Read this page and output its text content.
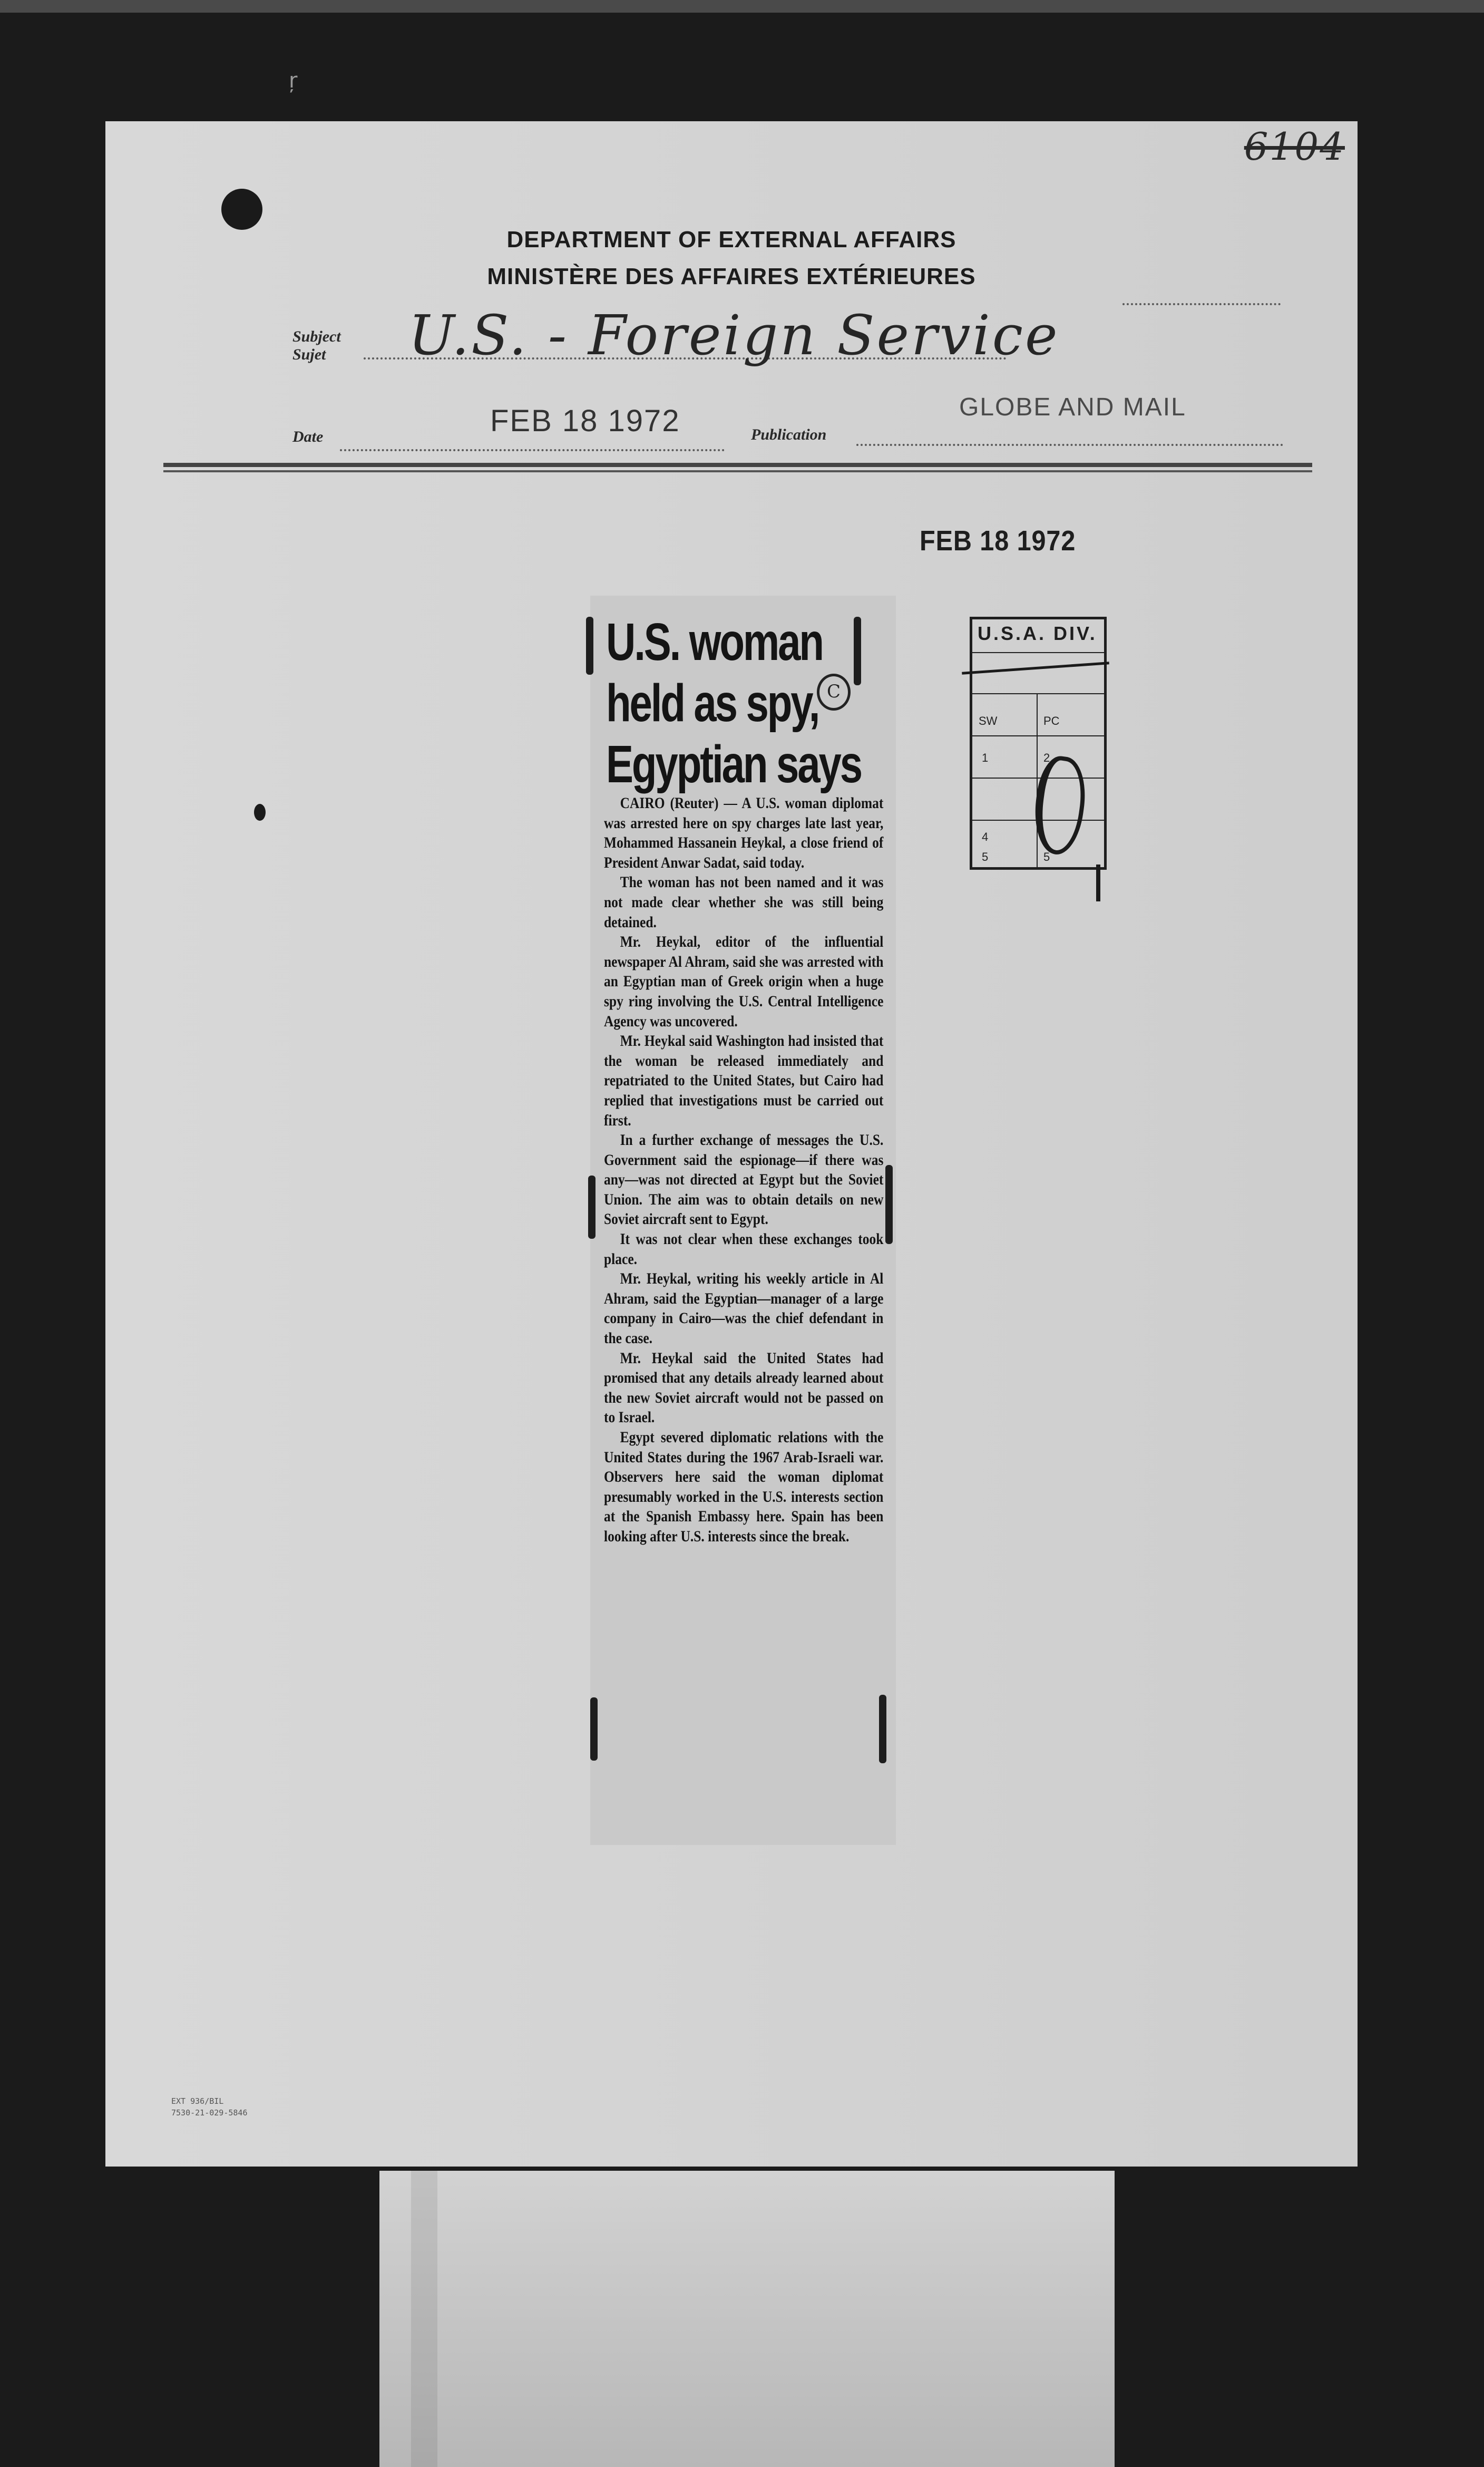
ŗ
6104
DEPARTMENT OF EXTERNAL AFFAIRS
MINISTÈRE DES AFFAIRES EXTÉRIEURES
Subject
Sujet U.S. - Foreign Service
Date	FEB 18 1972	Publication
GLOBE AND MAIL
FEB 18 1972
U.S.A. DIV.
SW	PC
1	2
4
5	5
U.S. woman
held as spy,
Egyptian says
C

CAIRO (Reuter) — A U.S. woman diplomat was arrested here on spy charges late last year, Mohammed Hassanein Heykal, a close friend of President Anwar Sadat, said today.

The woman has not been named and it was not made clear whether she was still being detained.

Mr. Heykal, editor of the influential newspaper Al Ahram, said she was arrested with an Egyptian man of Greek origin when a huge spy ring involving the U.S. Central Intelligence Agency was uncovered.

Mr. Heykal said Washington had insisted that the woman be released immediately and repatriated to the United States, but Cairo had replied that investigations must be carried out first.

In a further exchange of messages the U.S. Government said the espionage—if there was any—was not directed at Egypt but the Soviet Union. The aim was to obtain details on new Soviet aircraft sent to Egypt.

It was not clear when these exchanges took place.

Mr. Heykal, writing his weekly article in Al Ahram, said the Egyptian—manager of a large company in Cairo—was the chief defendant in the case.

Mr. Heykal said the United States had promised that any details already learned about the new Soviet aircraft would not be passed on to Israel.

Egypt severed diplomatic relations with the United States during the 1967 Arab-Israeli war. Observers here said the woman diplomat presumably worked in the U.S. interests section at the Spanish Embassy here. Spain has been looking after U.S. interests since the break.

EXT 936/BIL
7530-21-029-5846
